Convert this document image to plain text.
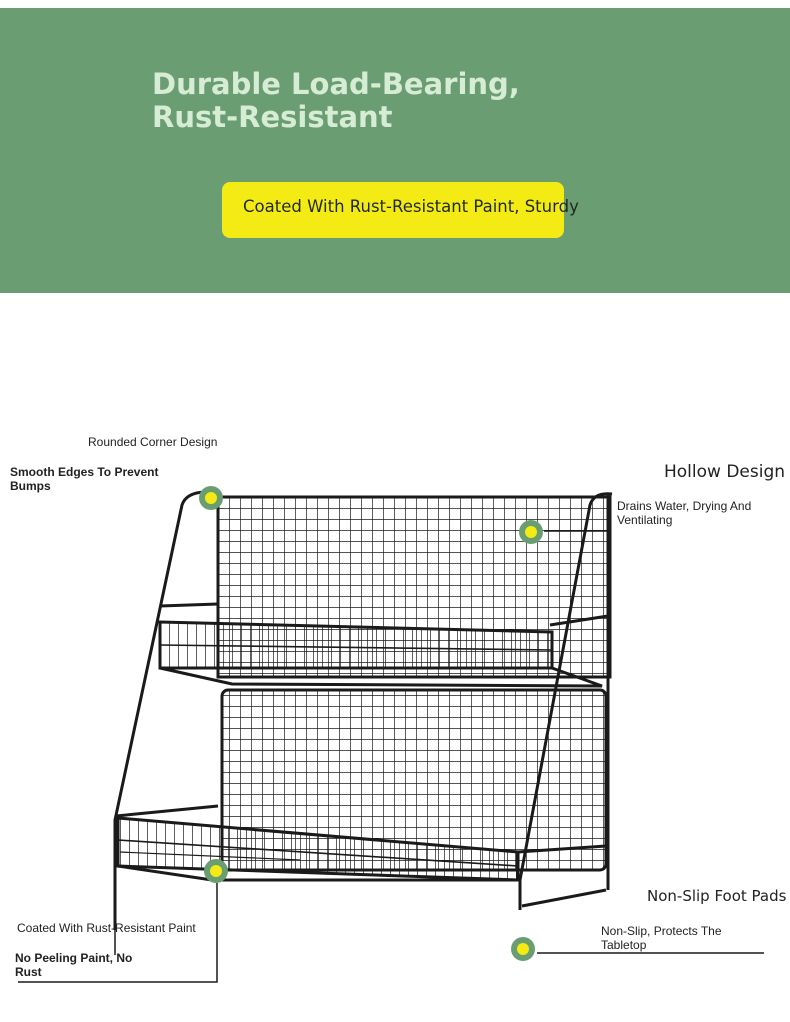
Durable Load-Bearing,
Rust-Resistant
Coated With Rust-Resistant Paint, Sturdy
Rounded Corner Design
Smooth Edges To Prevent
Bumps
Hollow Design
Drains Water, Drying And
Ventilating
Coated With Rust-Resistant Paint
No Peeling Paint, No
Rust
Non-Slip Foot Pads
Non-Slip, Protects The
Tabletop
